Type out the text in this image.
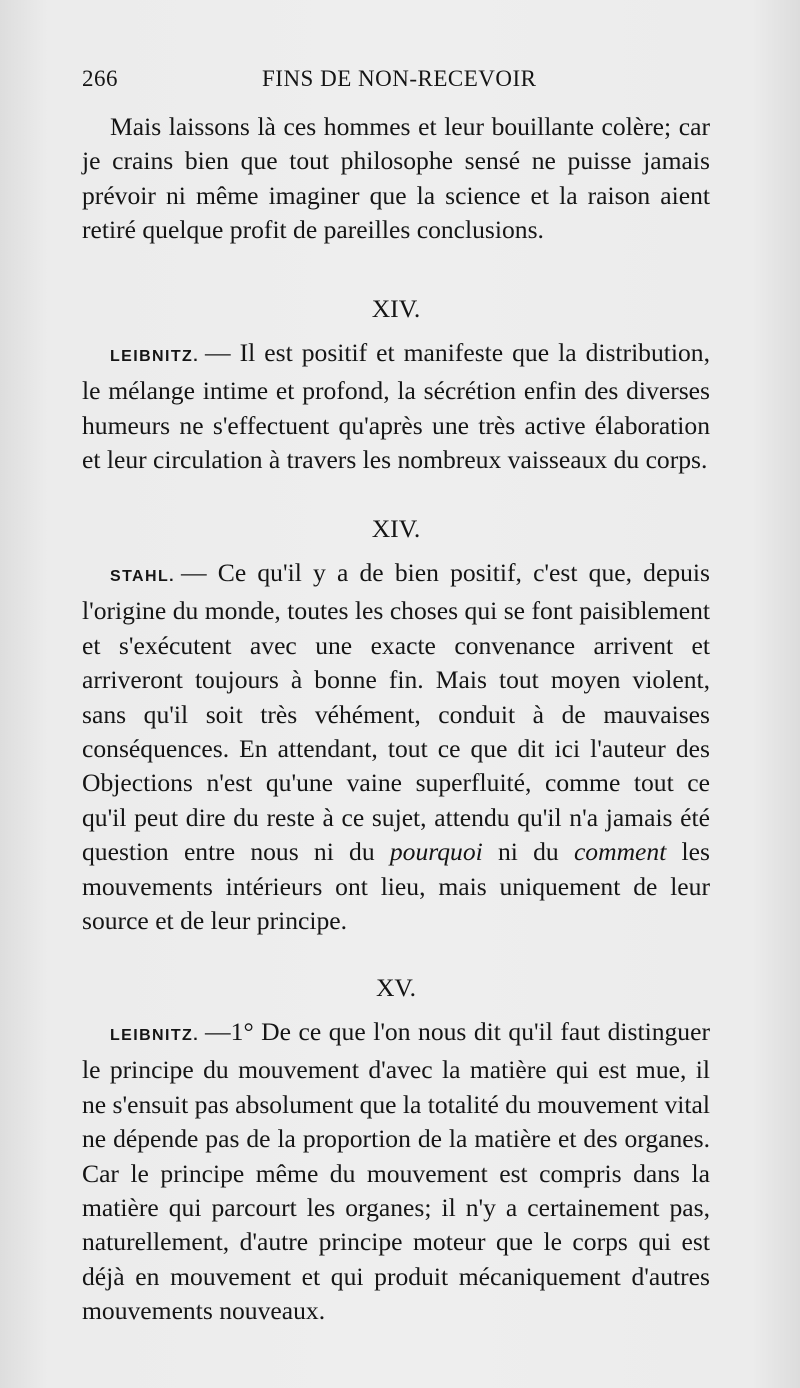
266	FINS DE NON-RECEVOIR

Mais laissons là ces hommes et leur bouillante colère; car je crains bien que tout philosophe sensé ne puisse jamais prévoir ni même imaginer que la science et la raison aient retiré quelque profit de pareilles conclusions.

XIV.

LEIBNITZ. — Il est positif et manifeste que la distribution, le mélange intime et profond, la sécrétion enfin des diverses humeurs ne s'effectuent qu'après une très active élaboration et leur circulation à travers les nombreux vaisseaux du corps.

XIV.

STAHL. — Ce qu'il y a de bien positif, c'est que, depuis l'origine du monde, toutes les choses qui se font paisiblement et s'exécutent avec une exacte convenance arrivent et arriveront toujours à bonne fin. Mais tout moyen violent, sans qu'il soit très véhément, conduit à de mauvaises conséquences. En attendant, tout ce que dit ici l'auteur des Objections n'est qu'une vaine superfluité, comme tout ce qu'il peut dire du reste à ce sujet, attendu qu'il n'a jamais été question entre nous ni du pourquoi ni du comment les mouvements intérieurs ont lieu, mais uniquement de leur source et de leur principe.

XV.

LEIBNITZ. —1° De ce que l'on nous dit qu'il faut distinguer le principe du mouvement d'avec la matière qui est mue, il ne s'ensuit pas absolument que la totalité du mouvement vital ne dépende pas de la proportion de la matière et des organes. Car le principe même du mouvement est compris dans la matière qui parcourt les organes; il n'y a certainement pas, naturellement, d'autre principe moteur que le corps qui est déjà en mouvement et qui produit mécaniquement d'autres mouvements nouveaux.
